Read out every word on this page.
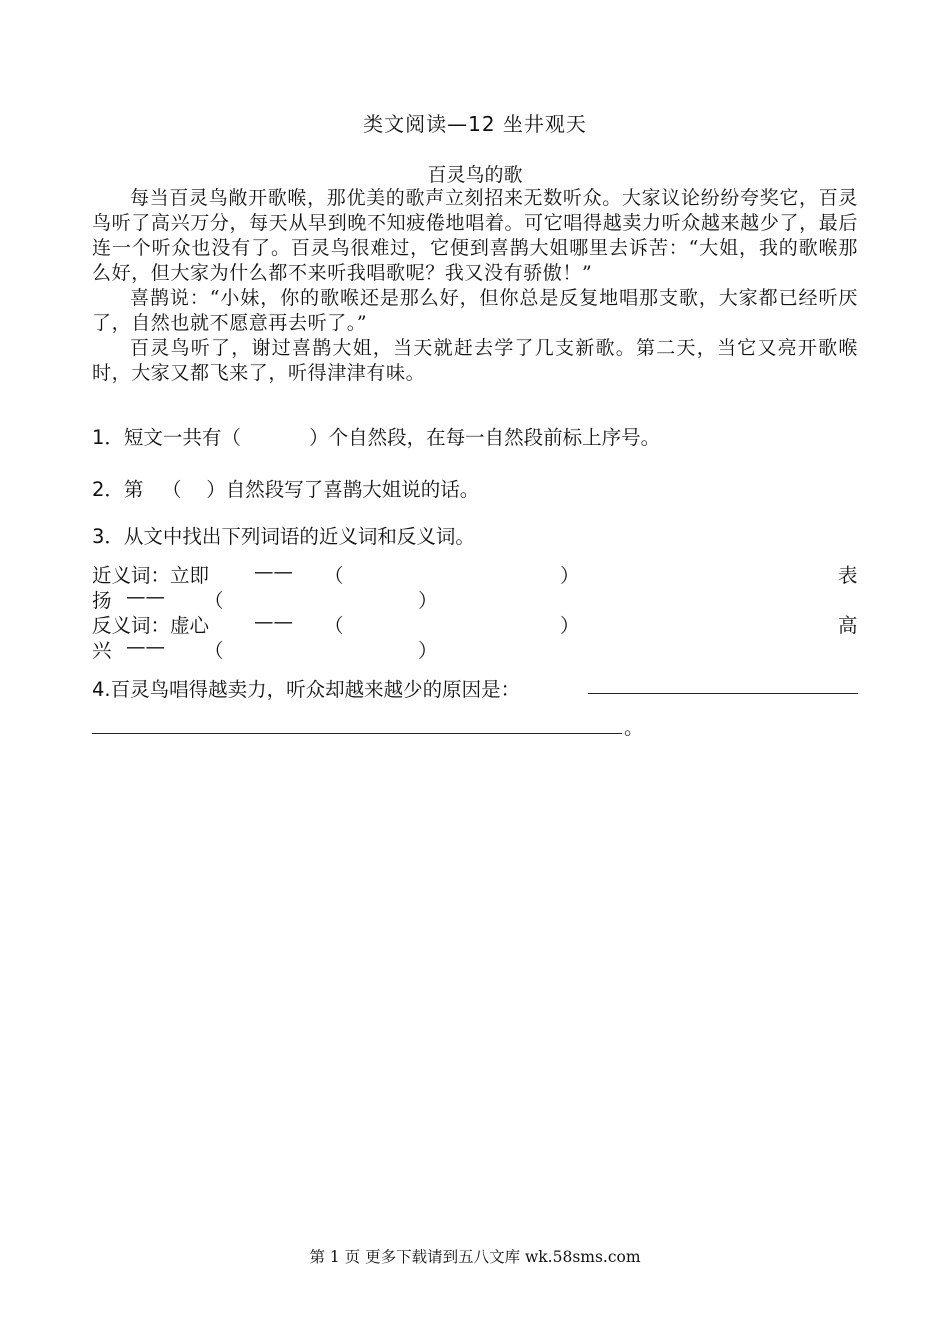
类文阅读—12 坐井观天
百灵鸟的歌

每当百灵鸟敞开歌喉，那优美的歌声立刻招来无数听众。大家议论纷纷夸奖它，百灵鸟听了高兴万分，每天从早到晚不知疲倦地唱着。可它唱得越卖力听众越来越少了，最后连一个听众也没有了。百灵鸟很难过，它便到喜鹊大姐哪里去诉苦：“大姐，我的歌喉那么好，但大家为什么都不来听我唱歌呢？我又没有骄傲！”

喜鹊说：“小妹，你的歌喉还是那么好，但你总是反复地唱那支歌，大家都已经听厌了，自然也就不愿意再去听了。”

百灵鸟听了，谢过喜鹊大姐，当天就赶去学了几支新歌。第二天，当它又亮开歌喉时，大家又都飞来了，听得津津有味。

1．短文一共有（           ）个自然段，在每一自然段前标上序号。
2．第   （    ）自然段写了喜鹊大姐说的话。
3．从文中找出下列词语的近义词和反义词。
近义词：立即 —— （	）	表
扬 —— （	）
反义词：虚心 —— （	）	高
兴 —— （	）
4.百灵鸟唱得越卖力，听众却越来越少的原因是：
。
第 1 页 更多下载请到五八文库 wk.58sms.com
